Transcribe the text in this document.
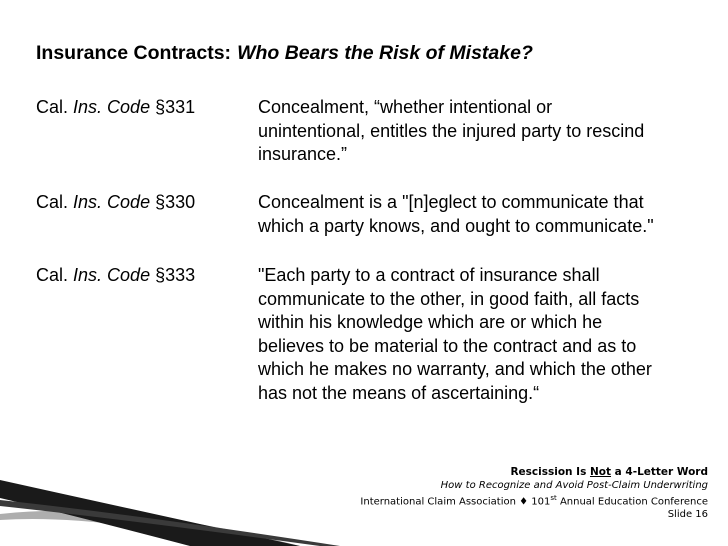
Insurance Contracts: Who Bears the Risk of Mistake?
Cal. Ins. Code §331	Concealment, “whether intentional or
unintentional, entitles the injured party to rescind
insurance.”
Cal. Ins. Code §330	Concealment is a "[n]eglect to communicate that
which a party knows, and ought to communicate."
Cal. Ins. Code §333	"Each party to a contract of insurance shall
communicate to the other, in good faith, all facts
within his knowledge which are or which he
believes to be material to the contract and as to
which he makes no warranty, and which the other
has not the means of ascertaining.“
Rescission Is Not a 4-Letter Word
How to Recognize and Avoid Post-Claim Underwriting
International Claim Association ♦ 101st Annual Education Conference
Slide 16
